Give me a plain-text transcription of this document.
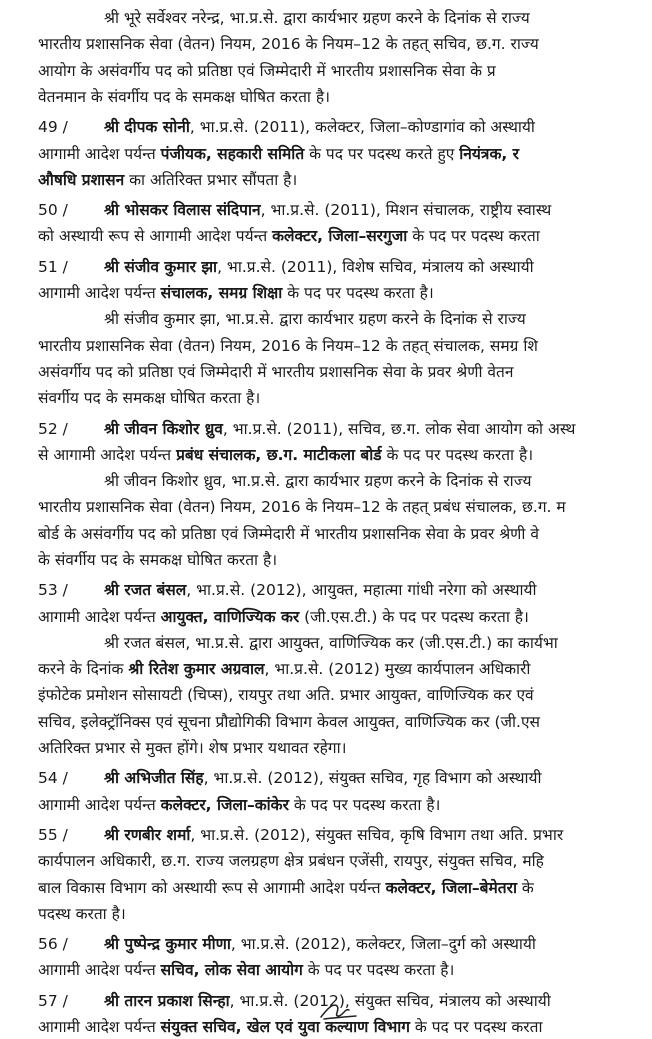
श्री भूरे सर्वेश्वर नरेन्द्र, भा.प्र.से. द्वारा कार्यभार ग्रहण करने के दिनांक से राज्य
भारतीय प्रशासनिक सेवा (वेतन) नियम, 2016 के नियम–12 के तहत् सचिव, छ.ग. राज्य
आयोग के असंवर्गीय पद को प्रतिष्ठा एवं जिम्मेदारी में भारतीय प्रशासनिक सेवा के प्र
वेतनमान के संवर्गीय पद के समकक्ष घोषित करता है।
49 / श्री दीपक सोनी, भा.प्र.से. (2011), कलेक्टर, जिला–कोण्डागांव को अस्थायी
आगामी आदेश पर्यन्त पंजीयक, सहकारी समिति के पद पर पदस्थ करते हुए नियंत्रक, र
औषधि प्रशासन का अतिरिक्त प्रभार सौंपता है।
50 / श्री भोसकर विलास संदिपान, भा.प्र.से. (2011), मिशन संचालक, राष्ट्रीय स्वास्थ
को अस्थायी रूप से आगामी आदेश पर्यन्त कलेक्टर, जिला–सरगुजा के पद पर पदस्थ करता
51 / श्री संजीव कुमार झा, भा.प्र.से. (2011), विशेष सचिव, मंत्रालय को अस्थायी
आगामी आदेश पर्यन्त संचालक, समग्र शिक्षा के पद पर पदस्थ करता है।
श्री संजीव कुमार झा, भा.प्र.से. द्वारा कार्यभार ग्रहण करने के दिनांक से राज्य
भारतीय प्रशासनिक सेवा (वेतन) नियम, 2016 के नियम–12 के तहत् संचालक, समग्र शि
असंवर्गीय पद को प्रतिष्ठा एवं जिम्मेदारी में भारतीय प्रशासनिक सेवा के प्रवर श्रेणी वेतन
संवर्गीय पद के समकक्ष घोषित करता है।
52 / श्री जीवन किशोर ध्रुव, भा.प्र.से. (2011), सचिव, छ.ग. लोक सेवा आयोग को अस्थ
से आगामी आदेश पर्यन्त प्रबंध संचालक, छ.ग. माटीकला बोर्ड के पद पर पदस्थ करता है।
श्री जीवन किशोर ध्रुव, भा.प्र.से. द्वारा कार्यभार ग्रहण करने के दिनांक से राज्य
भारतीय प्रशासनिक सेवा (वेतन) नियम, 2016 के नियम–12 के तहत् प्रबंध संचालक, छ.ग. म
बोर्ड के असंवर्गीय पद को प्रतिष्ठा एवं जिम्मेदारी में भारतीय प्रशासनिक सेवा के प्रवर श्रेणी वे
के संवर्गीय पद के समकक्ष घोषित करता है।
53 / श्री रजत बंसल, भा.प्र.से. (2012), आयुक्त, महात्मा गांधी नरेगा को अस्थायी
आगामी आदेश पर्यन्त आयुक्त, वाणिज्यिक कर (जी.एस.टी.) के पद पर पदस्थ करता है।
श्री रजत बंसल, भा.प्र.से. द्वारा आयुक्त, वाणिज्यिक कर (जी.एस.टी.) का कार्यभा
करने के दिनांक श्री रितेश कुमार अग्रवाल, भा.प्र.से. (2012) मुख्य कार्यपालन अधिकारी
इंफोटेक प्रमोशन सोसायटी (चिप्स), रायपुर तथा अति. प्रभार आयुक्त, वाणिज्यिक कर एवं
सचिव, इलेक्ट्रॉनिक्स एवं सूचना प्रौद्योगिकी विभाग केवल आयुक्त, वाणिज्यिक कर (जी.एस
अतिरिक्त प्रभार से मुक्त होंगे। शेष प्रभार यथावत रहेगा।
54 / श्री अभिजीत सिंह, भा.प्र.से. (2012), संयुक्त सचिव, गृह विभाग को अस्थायी
आगामी आदेश पर्यन्त कलेक्टर, जिला–कांकेर के पद पर पदस्थ करता है।
55 / श्री रणबीर शर्मा, भा.प्र.से. (2012), संयुक्त सचिव, कृषि विभाग तथा अति. प्रभार
कार्यपालन अधिकारी, छ.ग. राज्य जलग्रहण क्षेत्र प्रबंधन एजेंसी, रायपुर, संयुक्त सचिव, महि
बाल विकास विभाग को अस्थायी रूप से आगामी आदेश पर्यन्त कलेक्टर, जिला–बेमेतरा के
पदस्थ करता है।
56 / श्री पुष्पेन्द्र कुमार मीणा, भा.प्र.से. (2012), कलेक्टर, जिला–दुर्ग को अस्थायी
आगामी आदेश पर्यन्त सचिव, लोक सेवा आयोग के पद पर पदस्थ करता है।
57 / श्री तारन प्रकाश सिन्हा, भा.प्र.से. (2012), संयुक्त सचिव, मंत्रालय को अस्थायी
आगामी आदेश पर्यन्त संयुक्त सचिव, खेल एवं युवा कल्याण विभाग के पद पर पदस्थ करता
